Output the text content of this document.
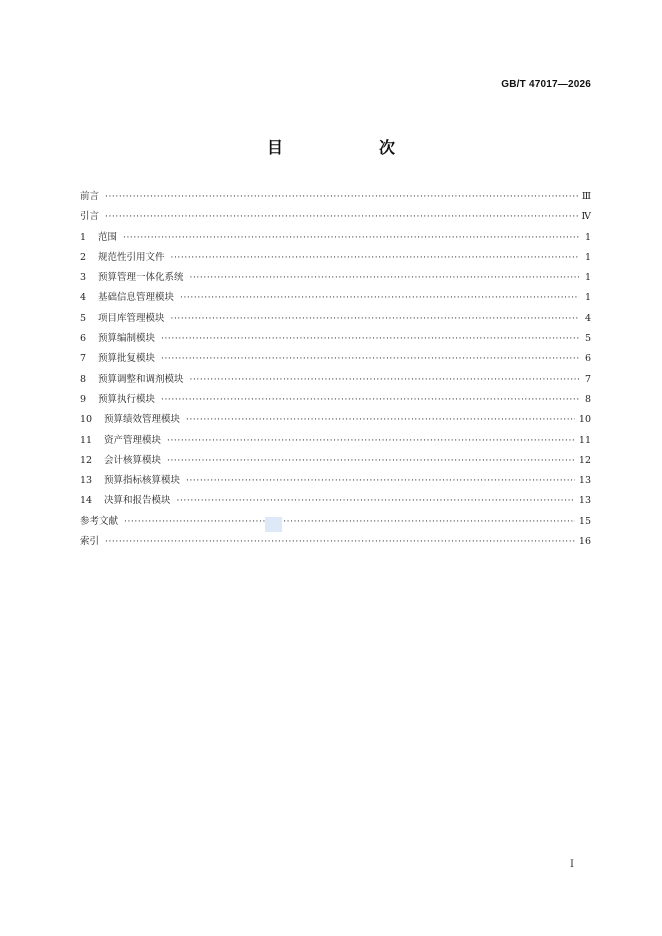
GB/T 47017—2026
目　次
前言 ·····	Ⅲ
引言 ·····	Ⅳ
1	范围 ·····	1
2	规范性引用文件 ·····	1
3	预算管理一体化系统 ·····	1
4	基础信息管理模块 ·····	1
5	项目库管理模块 ·····	4
6	预算编制模块 ·····	5
7	预算批复模块 ·····	6
8	预算调整和调剂模块 ·····	7
9	预算执行模块 ·····	8
10	预算绩效管理模块 ·····	10
11	资产管理模块 ·····	11
12	会计核算模块 ·····	12
13	预算指标核算模块 ·····	13
14	决算和报告模块 ·····	13
参考文献 ·····	15
索引 ·····	16
Ⅰ
